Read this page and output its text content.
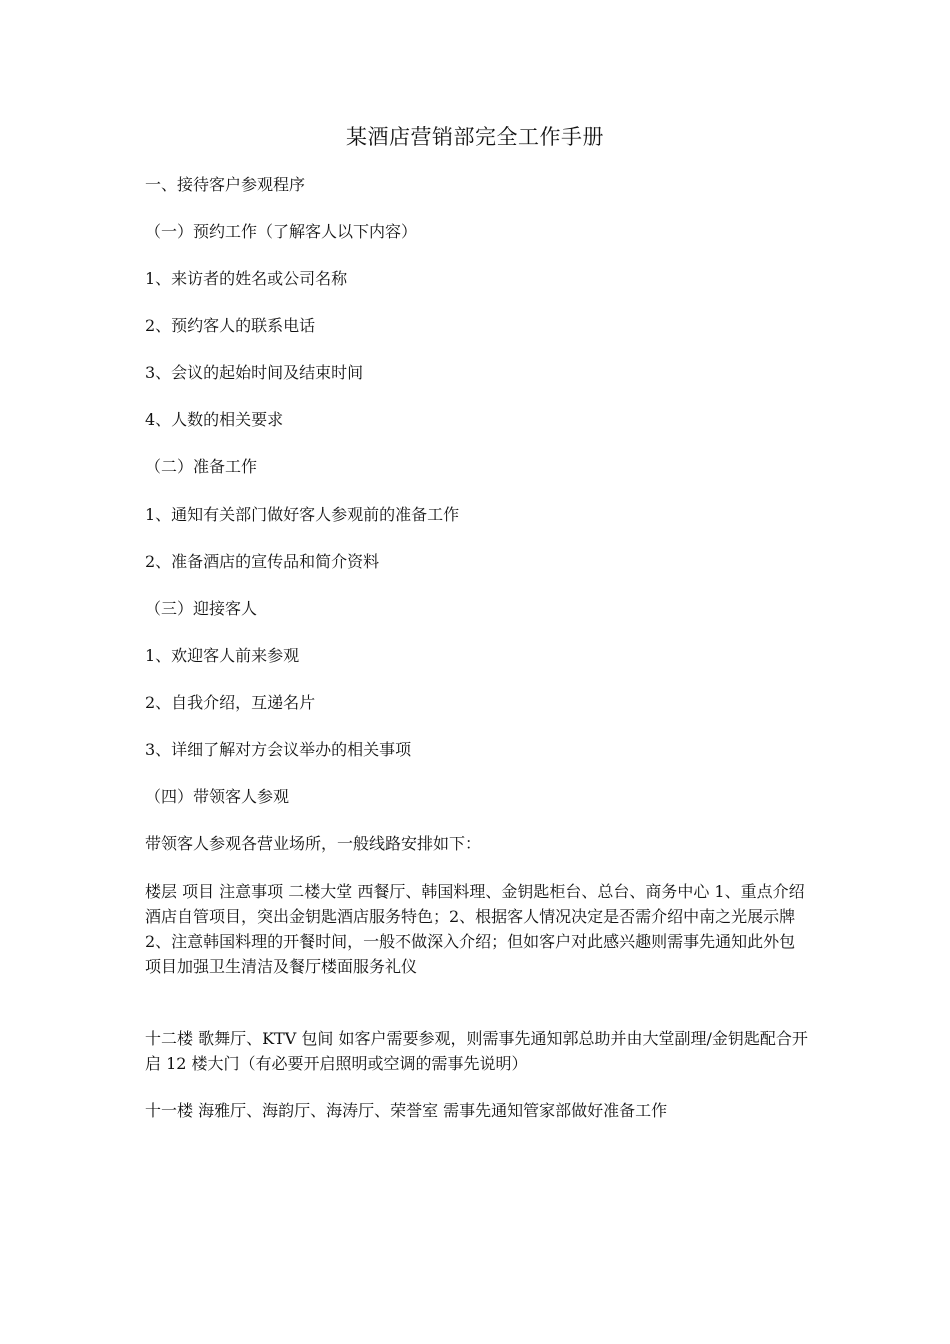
某酒店营销部完全工作手册
一、接待客户参观程序
（一）预约工作（了解客人以下内容）
1、来访者的姓名或公司名称
2、预约客人的联系电话
3、会议的起始时间及结束时间
4、人数的相关要求
（二）准备工作
1、通知有关部门做好客人参观前的准备工作
2、准备酒店的宣传品和简介资料
（三）迎接客人
1、欢迎客人前来参观
2、自我介绍，互递名片
3、详细了解对方会议举办的相关事项
（四）带领客人参观
带领客人参观各营业场所，一般线路安排如下：
楼层 项目 注意事项 二楼大堂 西餐厅、韩国料理、金钥匙柜台、总台、商务中心 1、重点介绍酒店自管项目，突出金钥匙酒店服务特色；2、根据客人情况决定是否需介绍中南之光展示牌 2、注意韩国料理的开餐时间，一般不做深入介绍；但如客户对此感兴趣则需事先通知此外包项目加强卫生清洁及餐厅楼面服务礼仪
十二楼 歌舞厅、KTV 包间 如客户需要参观，则需事先通知郭总助并由大堂副理/金钥匙配合开启 12 楼大门（有必要开启照明或空调的需事先说明）
十一楼 海雅厅、海韵厅、海涛厅、荣誉室 需事先通知管家部做好准备工作
